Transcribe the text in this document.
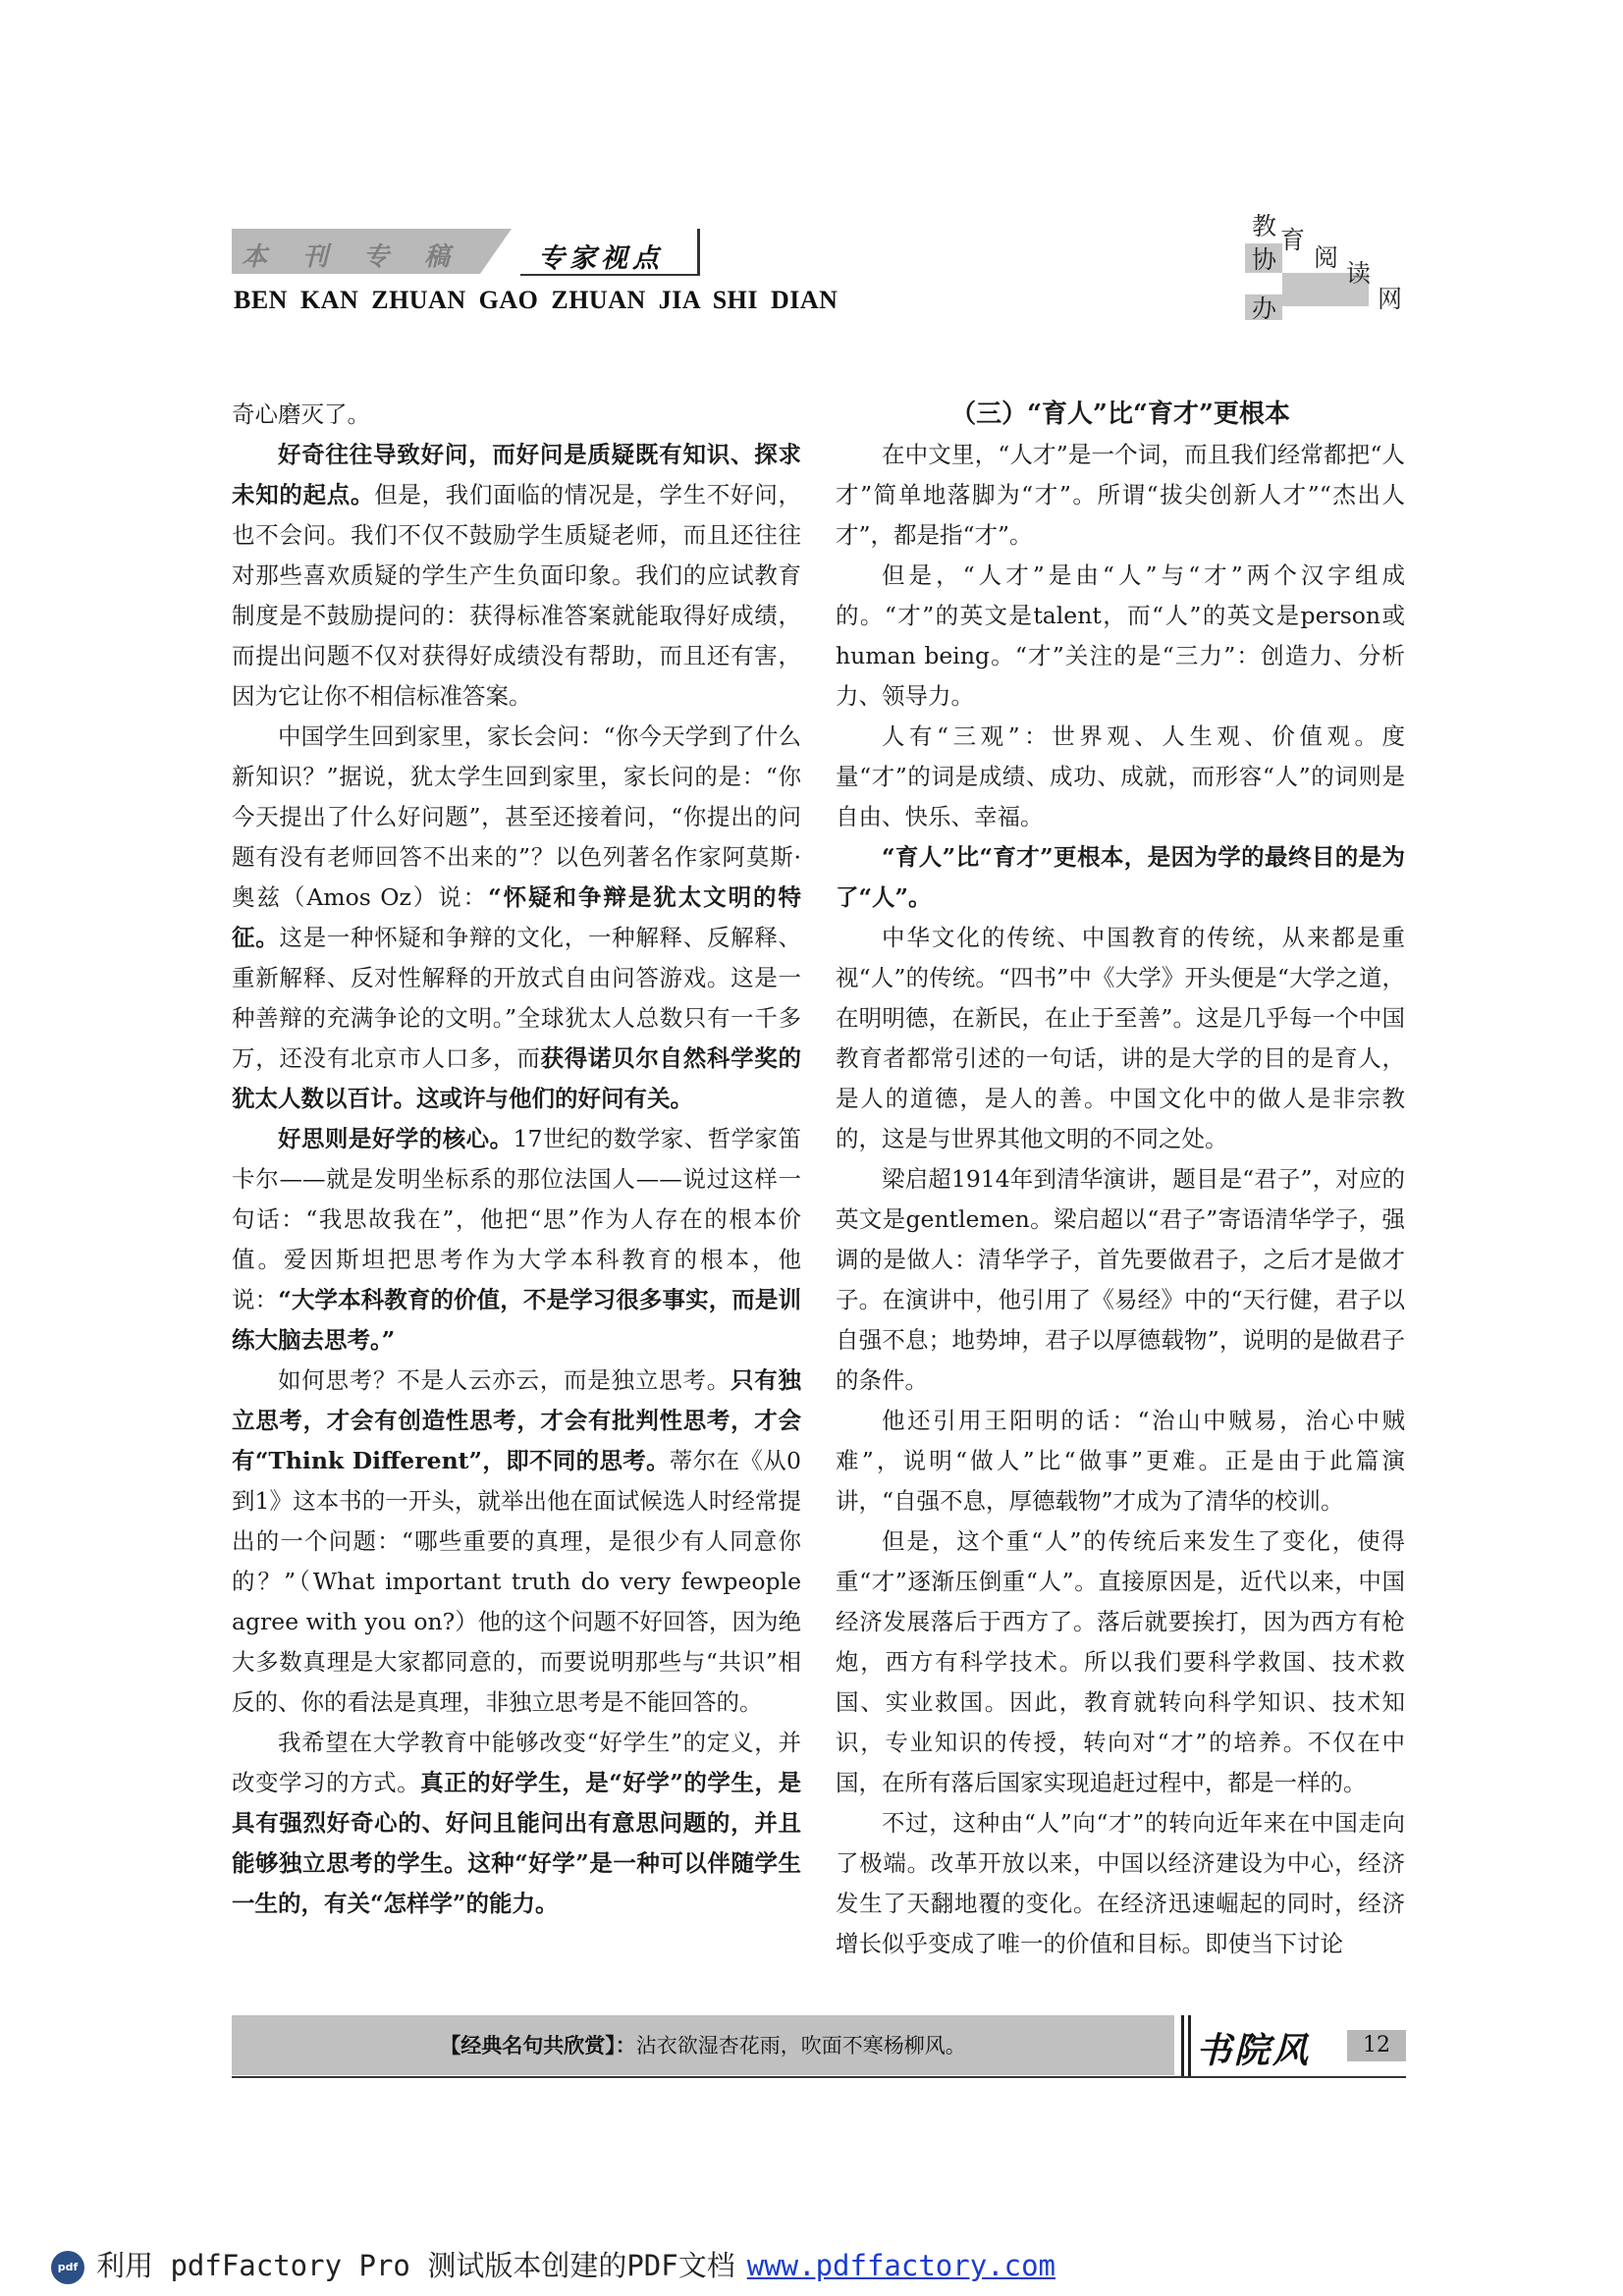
本刊专稿 专家视点
BEN KAN ZHUAN GAO ZHUAN JIA SHI DIAN
教 育
阅
读
协
办	网

奇心磨灭了。

好奇往往导致好问，而好问是质疑既有知识、探求未知的起点。但是，我们面临的情况是，学生不好问，也不会问。我们不仅不鼓励学生质疑老师，而且还往往对那些喜欢质疑的学生产生负面印象。我们的应试教育制度是不鼓励提问的：获得标准答案就能取得好成绩，而提出问题不仅对获得好成绩没有帮助，而且还有害，因为它让你不相信标准答案。

中国学生回到家里，家长会问：“你今天学到了什么新知识？”据说，犹太学生回到家里，家长问的是：“你今天提出了什么好问题”，甚至还接着问，“你提出的问题有没有老师回答不出来的”？以色列著名作家阿莫斯·奥兹（Amos Oz）说：“怀疑和争辩是犹太文明的特征。这是一种怀疑和争辩的文化，一种解释、反解释、重新解释、反对性解释的开放式自由问答游戏。这是一种善辩的充满争论的文明。”全球犹太人总数只有一千多万，还没有北京市人口多，而获得诺贝尔自然科学奖的犹太人数以百计。这或许与他们的好问有关。

好思则是好学的核心。17世纪的数学家、哲学家笛卡尔——就是发明坐标系的那位法国人——说过这样一句话：“我思故我在”，他把“思”作为人存在的根本价值。爱因斯坦把思考作为大学本科教育的根本，他说：“大学本科教育的价值，不是学习很多事实，而是训练大脑去思考。”

如何思考？不是人云亦云，而是独立思考。只有独立思考，才会有创造性思考，才会有批判性思考，才会有“Think Different”，即不同的思考。蒂尔在《从0到1》这本书的一开头，就举出他在面试候选人时经常提出的一个问题：“哪些重要的真理，是很少有人同意你的？”（What important truth do very fewpeople agree with you on?）他的这个问题不好回答，因为绝大多数真理是大家都同意的，而要说明那些与“共识”相反的、你的看法是真理，非独立思考是不能回答的。

我希望在大学教育中能够改变“好学生”的定义，并改变学习的方式。真正的好学生，是“好学”的学生，是具有强烈好奇心的、好问且能问出有意思问题的，并且能够独立思考的学生。这种“好学”是一种可以伴随学生一生的，有关“怎样学”的能力。

（三）“育人”比“育才”更根本

在中文里，“人才”是一个词，而且我们经常都把“人才”简单地落脚为“才”。所谓“拔尖创新人才”“杰出人才”，都是指“才”。

但是，“人才”是由“人”与“才”两个汉字组成的。“才”的英文是talent，而“人”的英文是person或human being。“才”关注的是“三力”：创造力、分析力、领导力。

人有“三观”：世界观、人生观、价值观。度量“才”的词是成绩、成功、成就，而形容“人”的词则是自由、快乐、幸福。

“育人”比“育才”更根本，是因为学的最终目的是为了“人”。

中华文化的传统、中国教育的传统，从来都是重视“人”的传统。“四书”中《大学》开头便是“大学之道，在明明德，在新民，在止于至善”。这是几乎每一个中国教育者都常引述的一句话，讲的是大学的目的是育人，是人的道德，是人的善。中国文化中的做人是非宗教的，这是与世界其他文明的不同之处。

梁启超1914年到清华演讲，题目是“君子”，对应的英文是gentlemen。梁启超以“君子”寄语清华学子，强调的是做人：清华学子，首先要做君子，之后才是做才子。在演讲中，他引用了《易经》中的“天行健，君子以自强不息；地势坤，君子以厚德载物”，说明的是做君子的条件。

他还引用王阳明的话：“治山中贼易，治心中贼难”，说明“做人”比“做事”更难。正是由于此篇演讲，“自强不息，厚德载物”才成为了清华的校训。

但是，这个重“人”的传统后来发生了变化，使得重“才”逐渐压倒重“人”。直接原因是，近代以来，中国经济发展落后于西方了。落后就要挨打，因为西方有枪炮，西方有科学技术。所以我们要科学救国、技术救国、实业救国。因此，教育就转向科学知识、技术知识，专业知识的传授，转向对“才”的培养。不仅在中国，在所有落后国家实现追赶过程中，都是一样的。

不过，这种由“人”向“才”的转向近年来在中国走向了极端。改革开放以来，中国以经济建设为中心，经济发生了天翻地覆的变化。在经济迅速崛起的同时，经济增长似乎变成了唯一的价值和目标。即使当下讨论

【经典名句共欣赏】：沾衣欲湿杏花雨，吹面不寒杨柳风。	书院风	12
pdf 利用 pdfFactory Pro 测试版本创建的PDF文档 www.pdffactory.com
